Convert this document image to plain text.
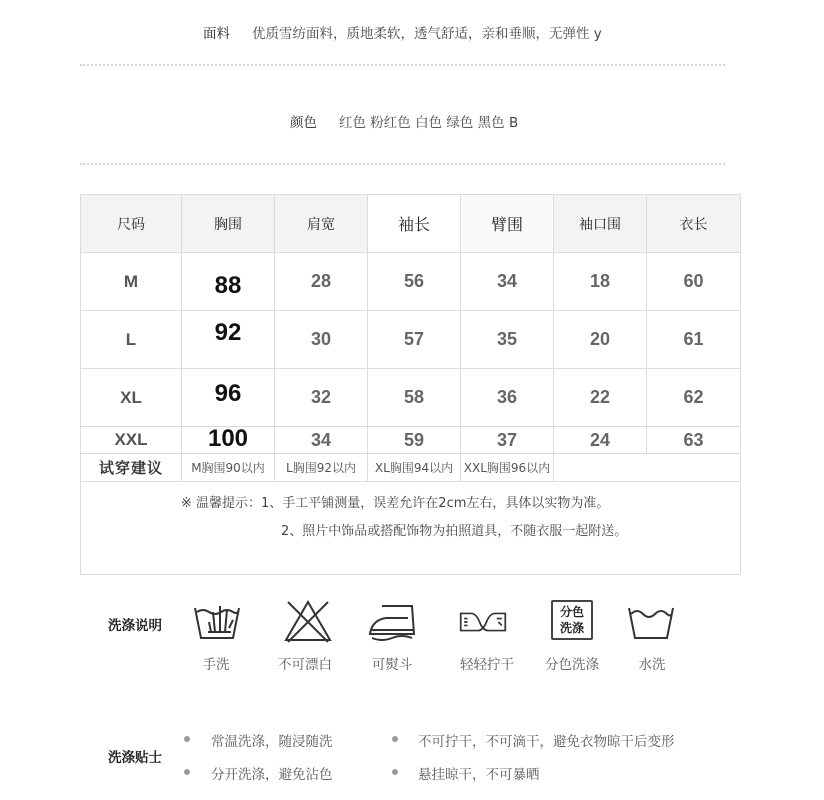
面料 优质雪纺面料，质地柔软，透气舒适，亲和垂顺，无弹性 y
颜色 红色 粉红色 白色 绿色 黑色 B
尺码	胸围	肩宽	袖长	臂围	袖口围	衣长
M	88	28	56	34	18	60
L	92	30	57	35	20	61
XL	96	32	58	36	22	62
XXL	100	34	59	37	24	63
试穿建议	M胸围90以内	L胸围92以内	XL胸围94以内	XXL胸围96以内		

※ 温馨提示：1、手工平铺测量，误差允许在2cm左右，具体以实物为准。
2、照片中饰品或搭配饰物为拍照道具，不随衣服一起附送。						
洗涤说明
手洗	不可漂白	可熨斗	轻轻拧干
分色
洗涤
分色洗涤	水洗
洗涤贴士
常温洗涤，随浸随洗	不可拧干，不可滴干，避免衣物晾干后变形
分开洗涤，避免沾色	悬挂晾干，不可暴晒
